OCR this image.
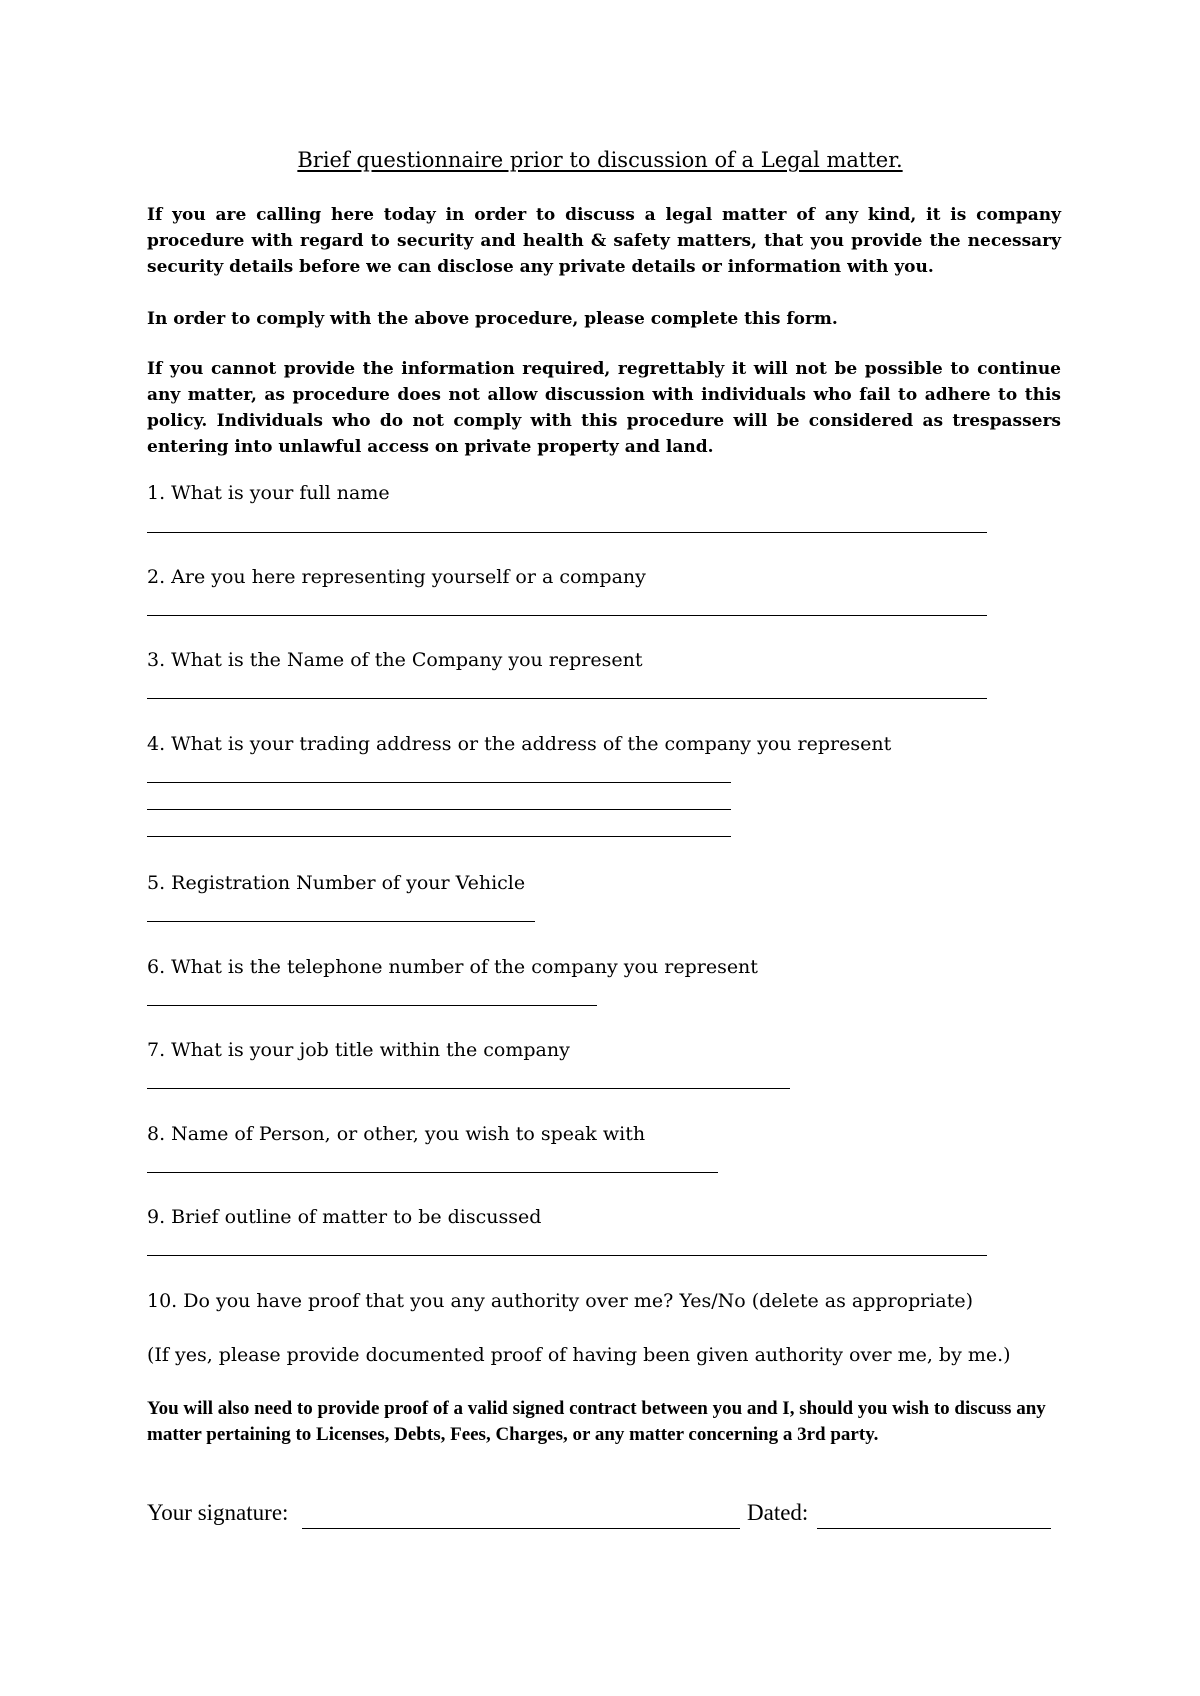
Brief questionnaire prior to discussion of a Legal matter.

If you are calling here today in order to discuss a legal matter of any kind, it is company procedure with regard to security and health & safety matters, that you provide the necessary security details before we can disclose any private details or information with you.

In order to comply with the above procedure, please complete this form.

If you cannot provide the information required, regrettably it will not be possible to continue any matter, as procedure does not allow discussion with individuals who fail to adhere to this policy. Individuals who do not comply with this procedure will be considered as trespassers entering into unlawful access on private property and land.

1. What is your full name

2. Are you here representing yourself or a company

3. What is the Name of the Company you represent

4. What is your trading address or the address of the company you represent

5. Registration Number of your Vehicle

6. What is the telephone number of the company you represent

7. What is your job title within the company

8. Name of Person, or other, you wish to speak with

9. Brief outline of matter to be discussed

10. Do you have proof that you any authority over me? Yes/No (delete as appropriate)

(If yes, please provide documented proof of having been given authority over me, by me.)

You will also need to provide proof of a valid signed contract between you and I, should you wish to discuss any matter pertaining to Licenses, Debts, Fees, Charges, or any matter concerning a 3rd party.

Your signature:	Dated:
